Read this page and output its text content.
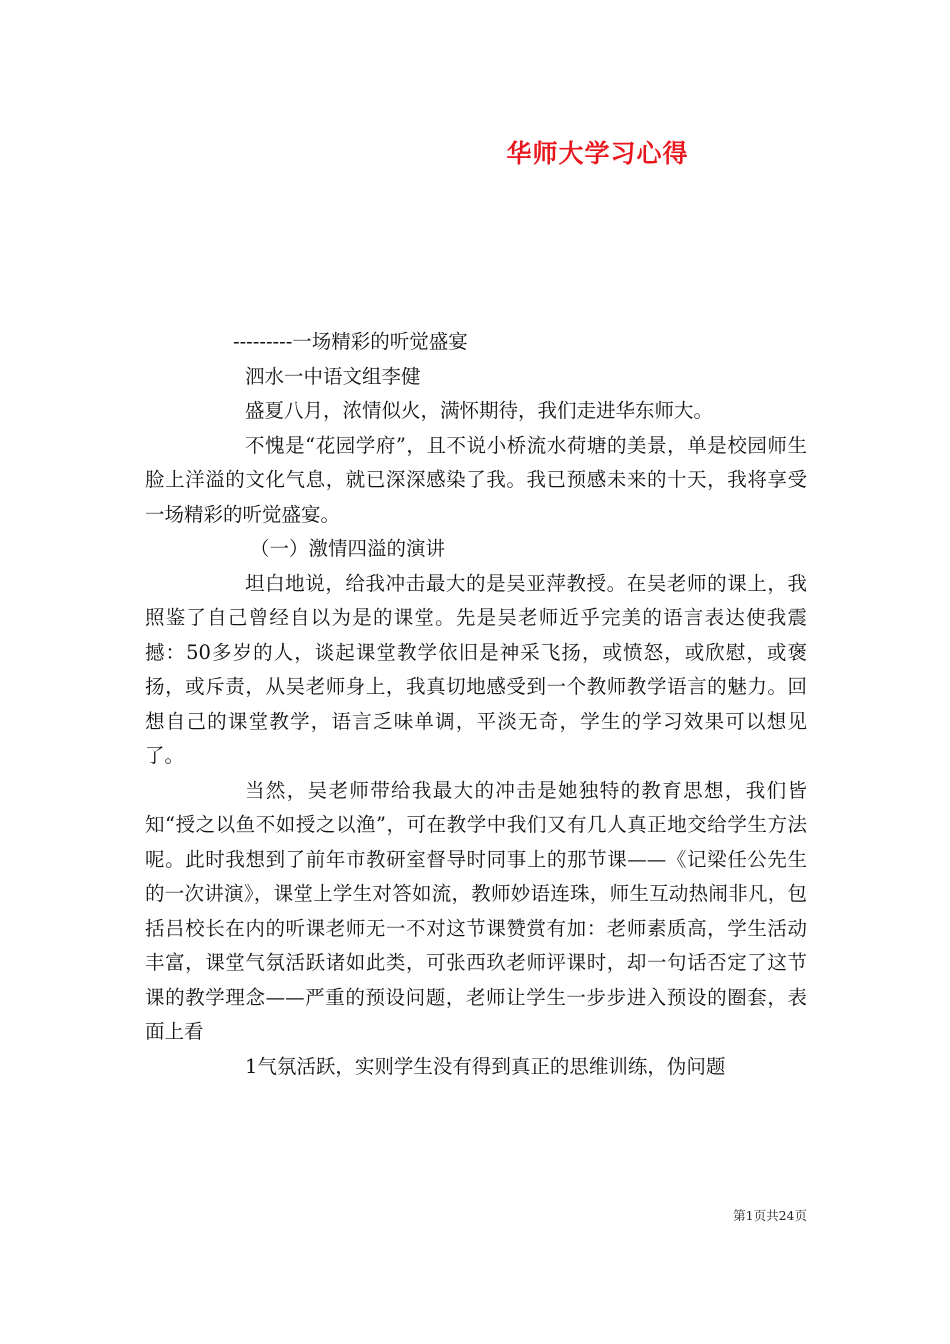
华师大学习心得

---------一场精彩的听觉盛宴

泗水一中语文组李健

盛夏八月，浓情似火，满怀期待，我们走进华东师大。

不愧是“花园学府”，且不说小桥流水荷塘的美景，单是校园师生脸上洋溢的文化气息，就已深深感染了我。我已预感未来的十天，我将享受一场精彩的听觉盛宴。

（一）激情四溢的演讲

坦白地说，给我冲击最大的是吴亚萍教授。在吴老师的课上，我照鉴了自己曾经自以为是的课堂。先是吴老师近乎完美的语言表达使我震撼：50多岁的人，谈起课堂教学依旧是神采飞扬，或愤怒，或欣慰，或褒扬，或斥责，从吴老师身上，我真切地感受到一个教师教学语言的魅力。回想自己的课堂教学，语言乏味单调，平淡无奇，学生的学习效果可以想见了。

当然，吴老师带给我最大的冲击是她独特的教育思想，我们皆知“授之以鱼不如授之以渔”，可在教学中我们又有几人真正地交给学生方法呢。此时我想到了前年市教研室督导时同事上的那节课——《记梁任公先生的一次讲演》，课堂上学生对答如流，教师妙语连珠，师生互动热闹非凡，包括吕校长在内的听课老师无一不对这节课赞赏有加：老师素质高，学生活动丰富，课堂气氛活跃诸如此类，可张西玖老师评课时，却一句话否定了这节课的教学理念——严重的预设问题，老师让学生一步步进入预设的圈套，表面上看

1气氛活跃，实则学生没有得到真正的思维训练，伪问题

第1页共24页
